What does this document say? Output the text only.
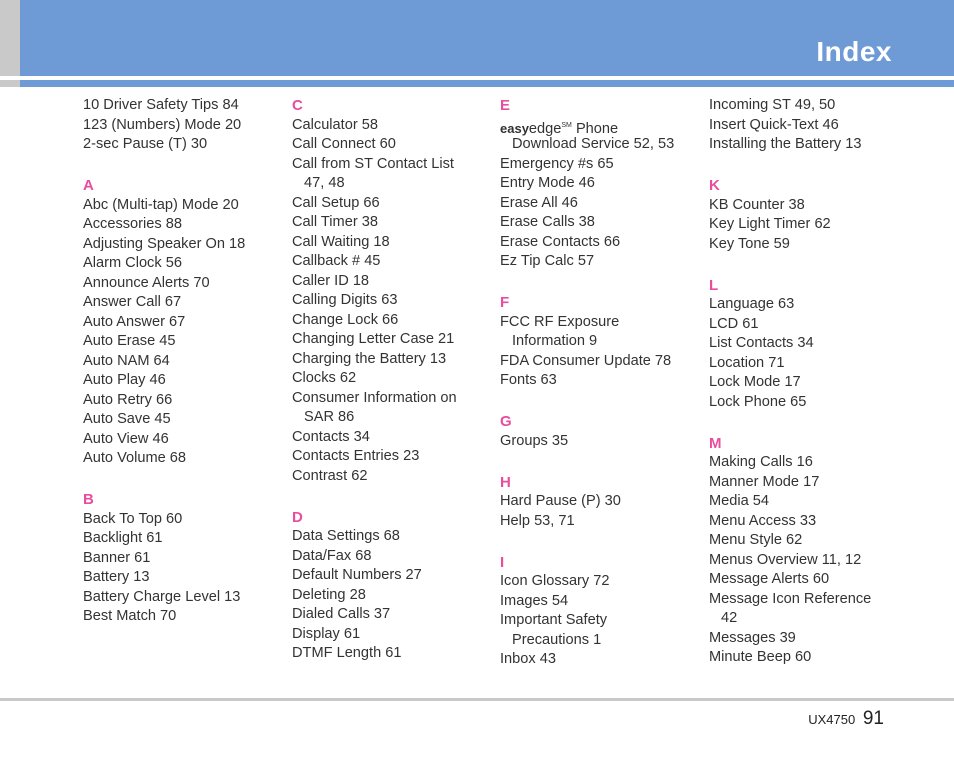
Index
10 Driver Safety Tips 84
123 (Numbers) Mode 20
2-sec Pause (T) 30
A
Abc (Multi-tap) Mode 20
Accessories 88
Adjusting Speaker On 18
Alarm Clock 56
Announce Alerts 70
Answer Call 67
Auto Answer 67
Auto Erase 45
Auto NAM 64
Auto Play 46
Auto Retry 66
Auto Save 45
Auto View 46
Auto Volume 68
B
Back To Top 60
Backlight 61
Banner 61
Battery 13
Battery Charge Level 13
Best Match 70
C
Calculator 58
Call Connect 60
Call from ST Contact List
47, 48
Call Setup 66
Call Timer 38
Call Waiting 18
Callback # 45
Caller ID 18
Calling Digits 63
Change Lock 66
Changing Letter Case 21
Charging the Battery 13
Clocks 62
Consumer Information on
SAR 86
Contacts 34
Contacts Entries 23
Contrast 62
D
Data Settings 68
Data/Fax 68
Default Numbers 27
Deleting 28
Dialed Calls 37
Display 61
DTMF Length 61
E
easyedge℠ Phone
Download Service 52, 53
Emergency #s 65
Entry Mode 46
Erase All 46
Erase Calls 38
Erase Contacts 66
Ez Tip Calc 57
F
FCC RF Exposure
Information 9
FDA Consumer Update 78
Fonts 63
G
Groups 35
H
Hard Pause (P) 30
Help 53, 71
I
Icon Glossary 72
Images 54
Important Safety
Precautions 1
Inbox 43
Incoming ST 49, 50
Insert Quick-Text 46
Installing the Battery 13
K
KB Counter 38
Key Light Timer 62
Key Tone 59
L
Language 63
LCD 61
List Contacts 34
Location 71
Lock Mode 17
Lock Phone 65
M
Making Calls 16
Manner Mode 17
Media 54
Menu Access 33
Menu Style 62
Menus Overview 11, 12
Message Alerts 60
Message Icon Reference
42
Messages 39
Minute Beep 60
UX4750 91
